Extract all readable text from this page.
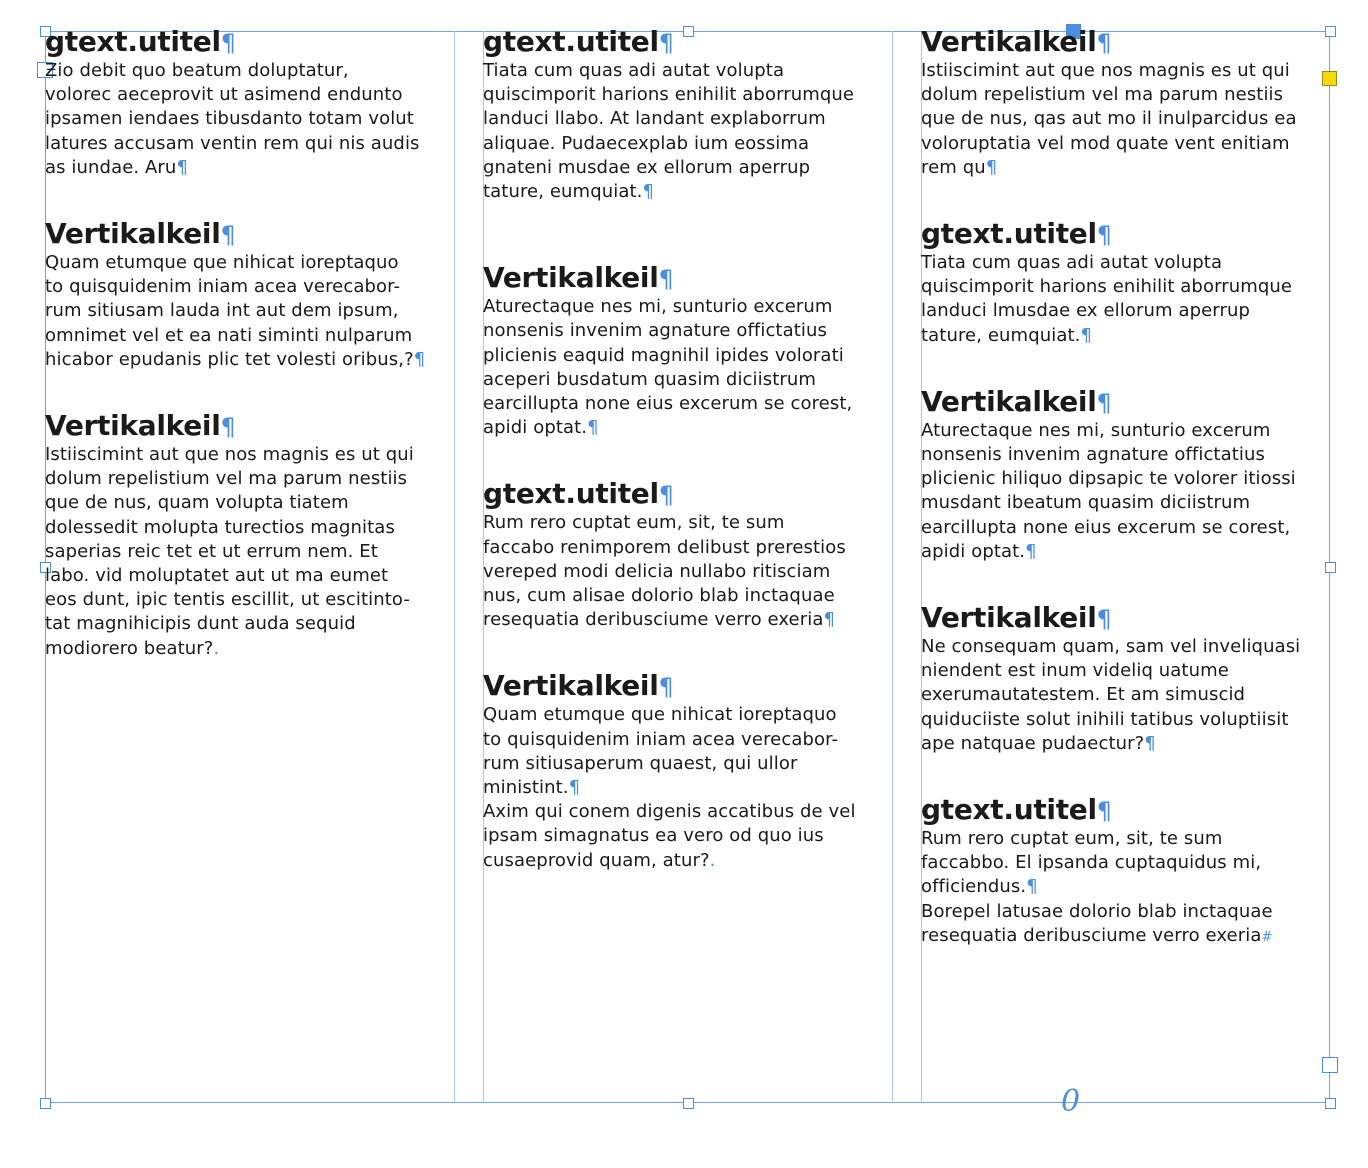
0

gtext.utitel¶

Ƶio debit quo beatum doluptatur,
volorec aeceprovit ut asimend endunto
ipsamen iendaes tibusdanto totam volut
latures accusam ventin rem qui nis audis
as iundae. Aru¶

Vertikalkeil¶

Quam etumque que nihicat ioreptaquo
to quisquidenim iniam acea verecabor-
rum sitiusam lauda int aut dem ipsum,
omnimet vel et ea nati siminti nulparum
hicabor epudanis plic tet volesti oribus,?¶

Vertikalkeil¶

Istiiscimint aut que nos magnis es ut qui
dolum repelistium vel ma parum nestiis
que de nus, quam volupta tiatem
dolessedit molupta turectios magnitas
saperias reic tet et ut errum nem. Et
labo. vid moluptatet aut ut ma eumet
eos dunt, ipic tentis escillit, ut escitinto-
tat magnihicipis dunt auda sequid
modiorero beatur?.

gtext.utitel¶

Tiata cum quas adi autat volupta
quiscimporit harions enihilit aborrumque
landuci llabo. At landant explaborrum
aliquae. Pudaecexplab ium eossima
gnateni musdae ex ellorum aperrup
tature, eumquiat.¶

Vertikalkeil¶

Aturectaque nes mi, sunturio excerum
nonsenis invenim agnature offictatius
plicienis eaquid magnihil ipides volorati
aceperi busdatum quasim diciistrum
earcillupta none eius excerum se corest,
apidi optat.¶

gtext.utitel¶

Rum rero cuptat eum, sit, te sum
faccabo renimporem delibust prerestios
vereped modi delicia nullabo ritisciam
nus, cum alisae dolorio blab inctaquae
resequatia deribusciume verro exeria¶

Vertikalkeil¶

Quam etumque que nihicat ioreptaquo
to quisquidenim iniam acea verecabor-
rum sitiusaperum quaest, qui ullor
ministint.¶

Axim qui conem digenis accatibus de vel
ipsam simagnatus ea vero od quo ius
cusaeprovid quam, atur?.

Vertikalkeil¶

Istiiscimint aut que nos magnis es ut qui
dolum repelistium vel ma parum nestiis
que de nus, qas aut mo il inulparcidus ea
voloruptatia vel mod quate vent enitiam
rem qu¶

gtext.utitel¶

Tiata cum quas adi autat volupta
quiscimporit harions enihilit aborrumque
landuci lmusdae ex ellorum aperrup
tature, eumquiat.¶

Vertikalkeil¶

Aturectaque nes mi, sunturio excerum
nonsenis invenim agnature offictatius
plicienic hiliquo dipsapic te volorer itiossi
musdant ibeatum quasim diciistrum
earcillupta none eius excerum se corest,
apidi optat.¶

Vertikalkeil¶

Ne consequam quam, sam vel inveliquasi
niendent est inum videliq uatume
exerumautatestem. Et am simuscid
quiduciiste solut inihili tatibus voluptiisit
ape natquae pudaectur?¶

gtext.utitel¶

Rum rero cuptat eum, sit, te sum
faccabbo. El ipsanda cuptaquidus mi,
officiendus.¶

Borepel latusae dolorio blab inctaquae
resequatia deribusciume verro exeria#
